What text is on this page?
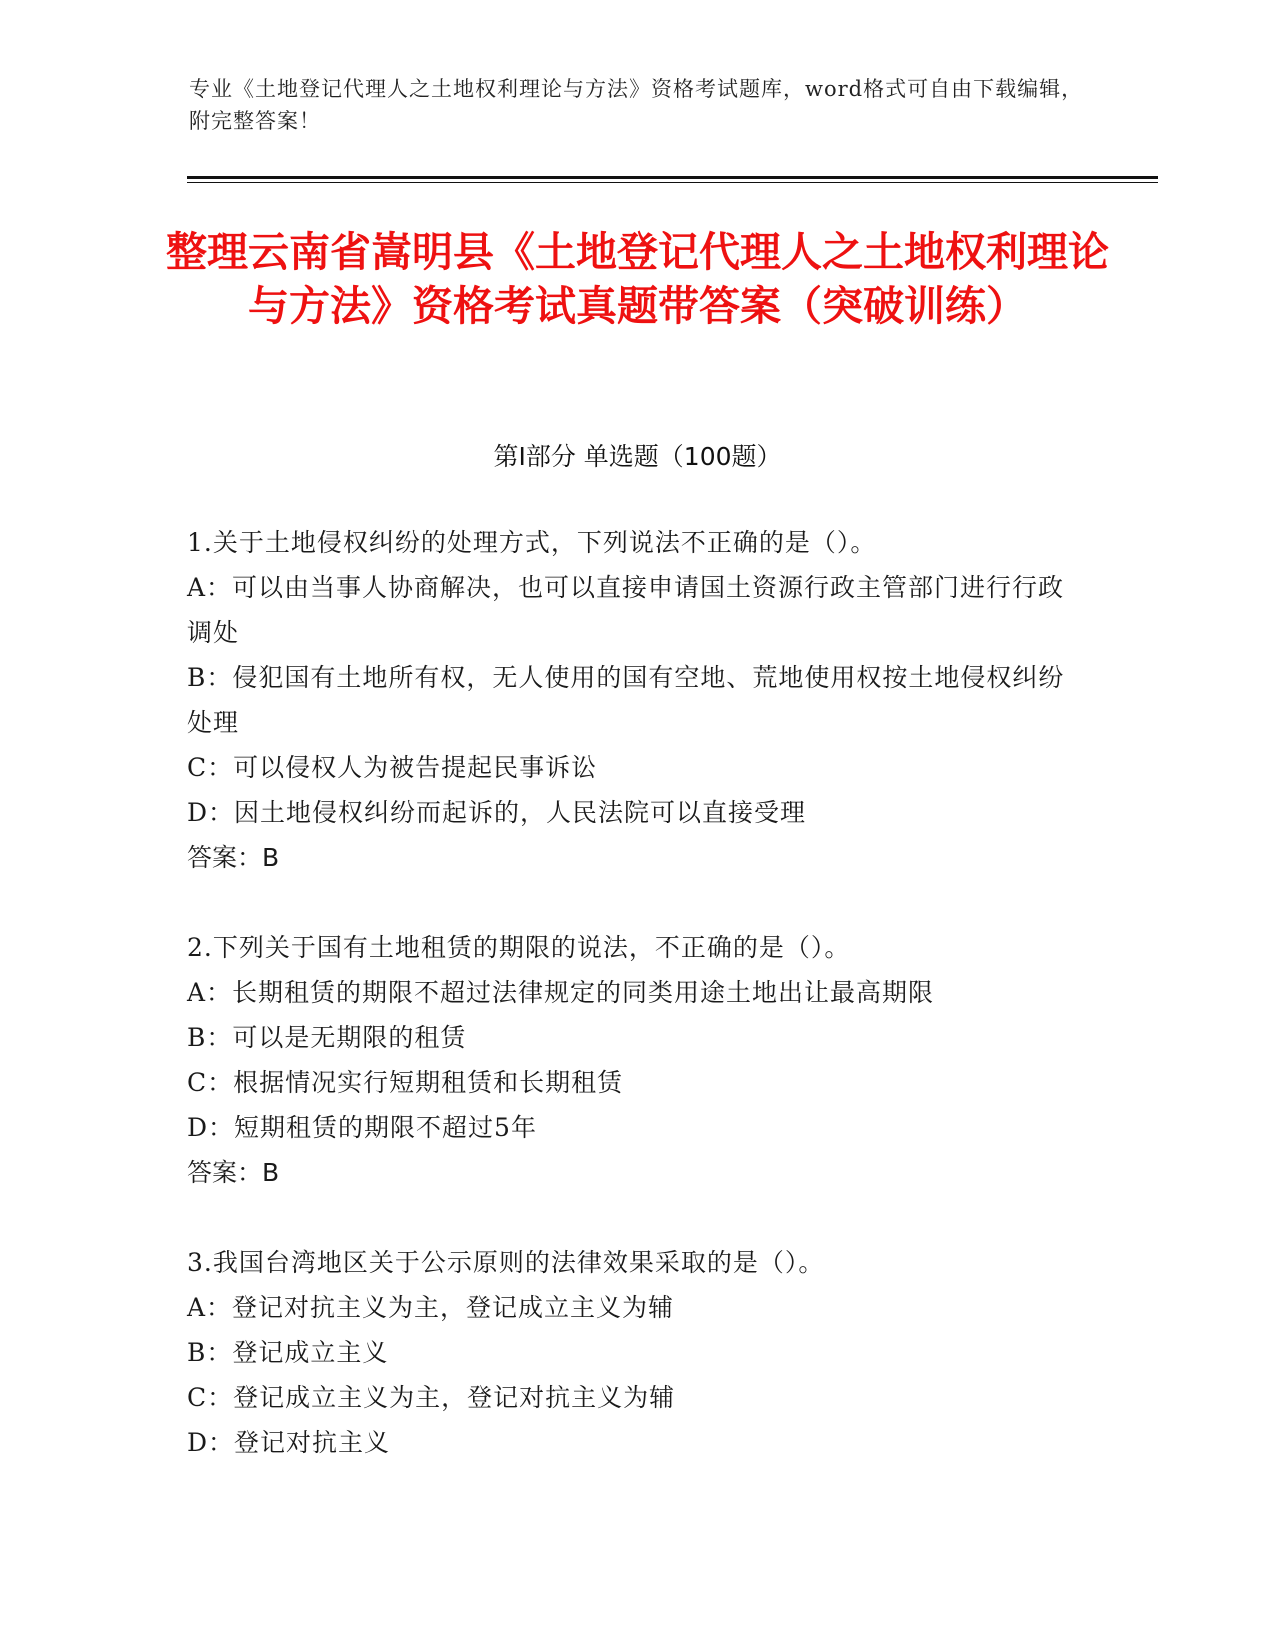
专业《土地登记代理人之土地权利理论与方法》资格考试题库，word格式可自由下载编辑，附完整答案！
整理云南省嵩明县《土地登记代理人之土地权利理论与方法》资格考试真题带答案（突破训练）
第Ⅰ部分 单选题（100题）
1.关于土地侵权纠纷的处理方式，下列说法不正确的是（）。
A：可以由当事人协商解决，也可以直接申请国土资源行政主管部门进行行政调处
B：侵犯国有土地所有权，无人使用的国有空地、荒地使用权按土地侵权纠纷处理
C：可以侵权人为被告提起民事诉讼
D：因土地侵权纠纷而起诉的，人民法院可以直接受理
答案：B
2.下列关于国有土地租赁的期限的说法，不正确的是（）。
A：长期租赁的期限不超过法律规定的同类用途土地出让最高期限
B：可以是无期限的租赁
C：根据情况实行短期租赁和长期租赁
D：短期租赁的期限不超过5年
答案：B
3.我国台湾地区关于公示原则的法律效果采取的是（）。
A：登记对抗主义为主，登记成立主义为辅
B：登记成立主义
C：登记成立主义为主，登记对抗主义为辅
D：登记对抗主义
